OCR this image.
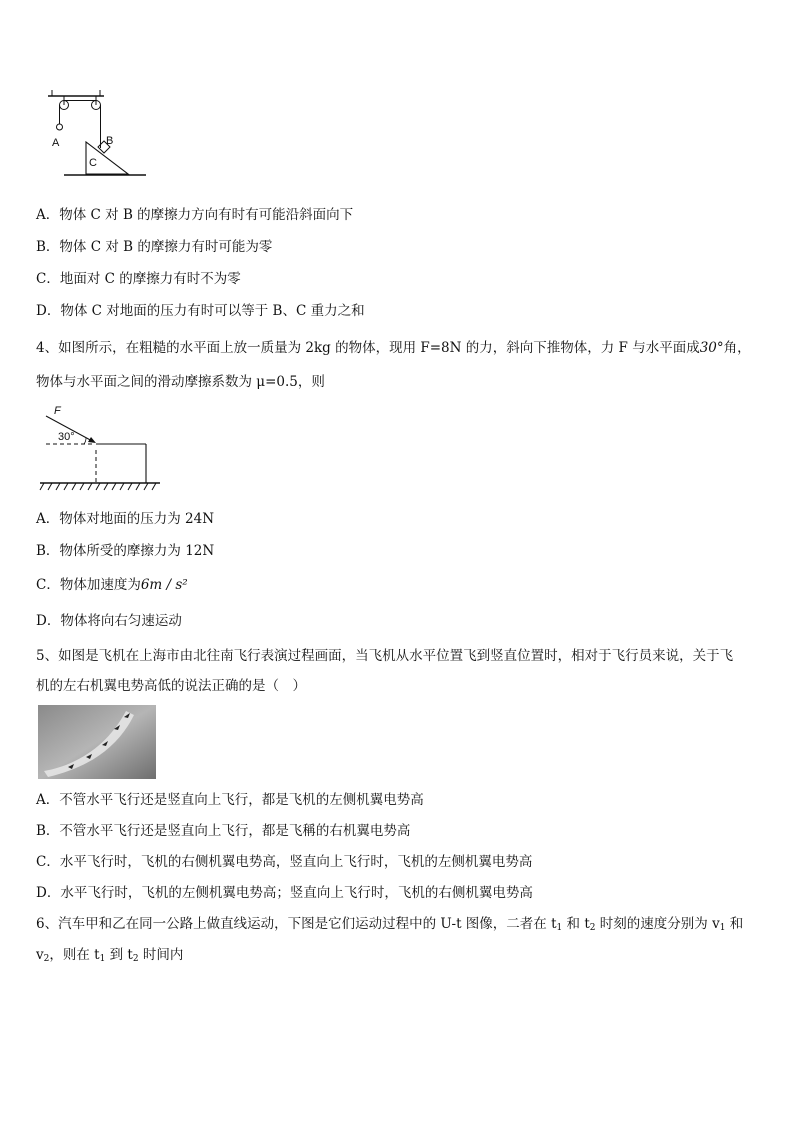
A	B
C
A．物体 C 对 B 的摩擦力方向有时有可能沿斜面向下
B．物体 C 对 B 的摩擦力有时可能为零
C．地面对 C 的摩擦力有时不为零
D．物体 C 对地面的压力有时可以等于 B、C 重力之和
4、如图所示，在粗糙的水平面上放一质量为 2kg 的物体，现用 F=8N 的力，斜向下推物体，力 F 与水平面成30°角，
物体与水平面之间的滑动摩擦系数为 μ=0.5，则
F
30°
A．物体对地面的压力为 24N
B．物体所受的摩擦力为 12N
C．物体加速度为6m / s²
D．物体将向右匀速运动
5、如图是飞机在上海市由北往南飞行表演过程画面，当飞机从水平位置飞到竖直位置时，相对于飞行员来说，关于飞
机的左右机翼电势高低的说法正确的是（　）
A．不管水平飞行还是竖直向上飞行，都是飞机的左侧机翼电势高
B．不管水平飞行还是竖直向上飞行，都是飞稱的右机翼电势高
C．水平飞行时，飞机的右侧机翼电势高，竖直向上飞行时，飞机的左侧机翼电势高
D．水平飞行时，飞机的左侧机翼电势高；竖直向上飞行时，飞机的右侧机翼电势高
6、汽车甲和乙在同一公路上做直线运动，下图是它们运动过程中的 U-t 图像，二者在 $t_1$ 和 $t_2$ 时刻的速度分别为 $v_1$ 和
$v_2$，则在 $t_1$ 到 $t_2$ 时间内
